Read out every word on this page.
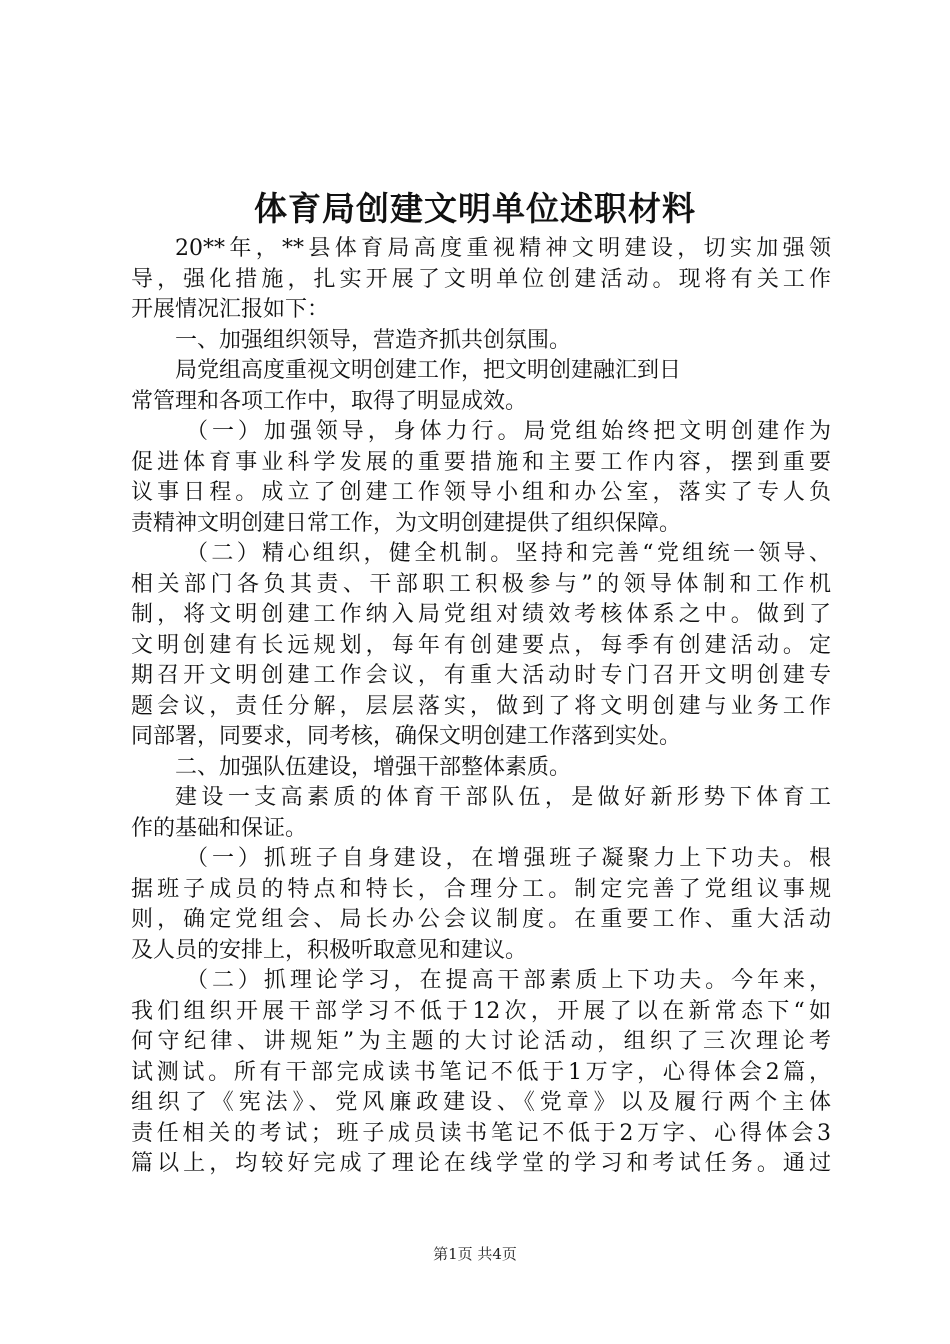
体育局创建文明单位述职材料
20**年，**县体育局高度重视精神文明建设，切实加强领
导，强化措施，扎实开展了文明单位创建活动。现将有关工作
开展情况汇报如下：
一、加强组织领导，营造齐抓共创氛围。
局党组高度重视文明创建工作，把文明创建融汇到日
常管理和各项工作中，取得了明显成效。
（一）加强领导，身体力行。局党组始终把文明创建作为
促进体育事业科学发展的重要措施和主要工作内容，摆到重要
议事日程。成立了创建工作领导小组和办公室，落实了专人负
责精神文明创建日常工作，为文明创建提供了组织保障。
（二）精心组织，健全机制。坚持和完善“党组统一领导、
相关部门各负其责、干部职工积极参与”的领导体制和工作机
制，将文明创建工作纳入局党组对绩效考核体系之中。做到了
文明创建有长远规划，每年有创建要点，每季有创建活动。定
期召开文明创建工作会议，有重大活动时专门召开文明创建专
题会议，责任分解，层层落实，做到了将文明创建与业务工作
同部署，同要求，同考核，确保文明创建工作落到实处。
二、加强队伍建设，增强干部整体素质。
建设一支高素质的体育干部队伍，是做好新形势下体育工
作的基础和保证。
（一）抓班子自身建设，在增强班子凝聚力上下功夫。根
据班子成员的特点和特长，合理分工。制定完善了党组议事规
则，确定党组会、局长办公会议制度。在重要工作、重大活动
及人员的安排上，积极听取意见和建议。
（二）抓理论学习，在提高干部素质上下功夫。今年来，
我们组织开展干部学习不低于12次，开展了以在新常态下“如
何守纪律、讲规矩”为主题的大讨论活动，组织了三次理论考
试测试。所有干部完成读书笔记不低于1万字，心得体会2篇，
组织了《宪法》、党风廉政建设、《党章》以及履行两个主体
责任相关的考试；班子成员读书笔记不低于2万字、心得体会3
篇以上，均较好完成了理论在线学堂的学习和考试任务。通过
第1页 共4页
